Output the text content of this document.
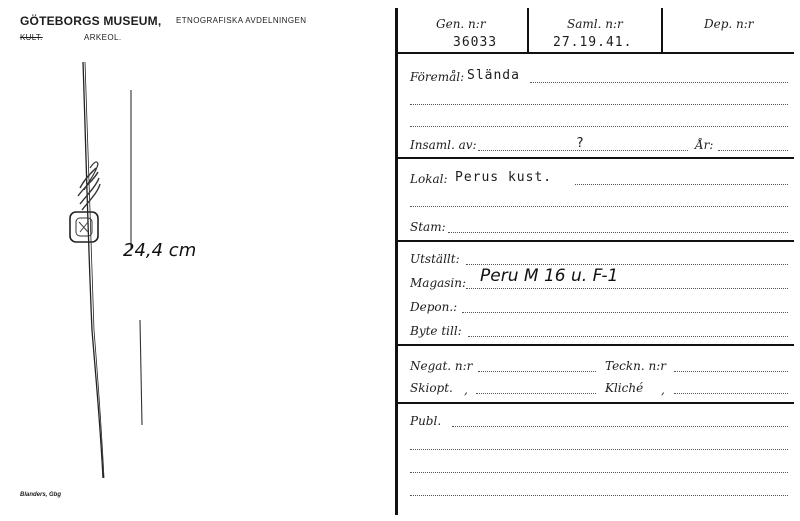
GÖTEBORGS MUSEUM, ETNOGRAFISKA AVDELNINGEN
KULT.	ARKEOL.
24,4 cm
Blanders, Gbg
Gen. n:r
36033
Saml. n:r
27.19.41.
Dep. n:r
Föremål: Slända
Insaml. av:	?	År:
Lokal: Perus kust.
Stam:
Utställt:
Magasin: Peru M 16 u. F-1
Depon.:
Byte till:
Negat. n:r	Teckn. n:r
Skiopt. ,	Kliché ,
Publ.
